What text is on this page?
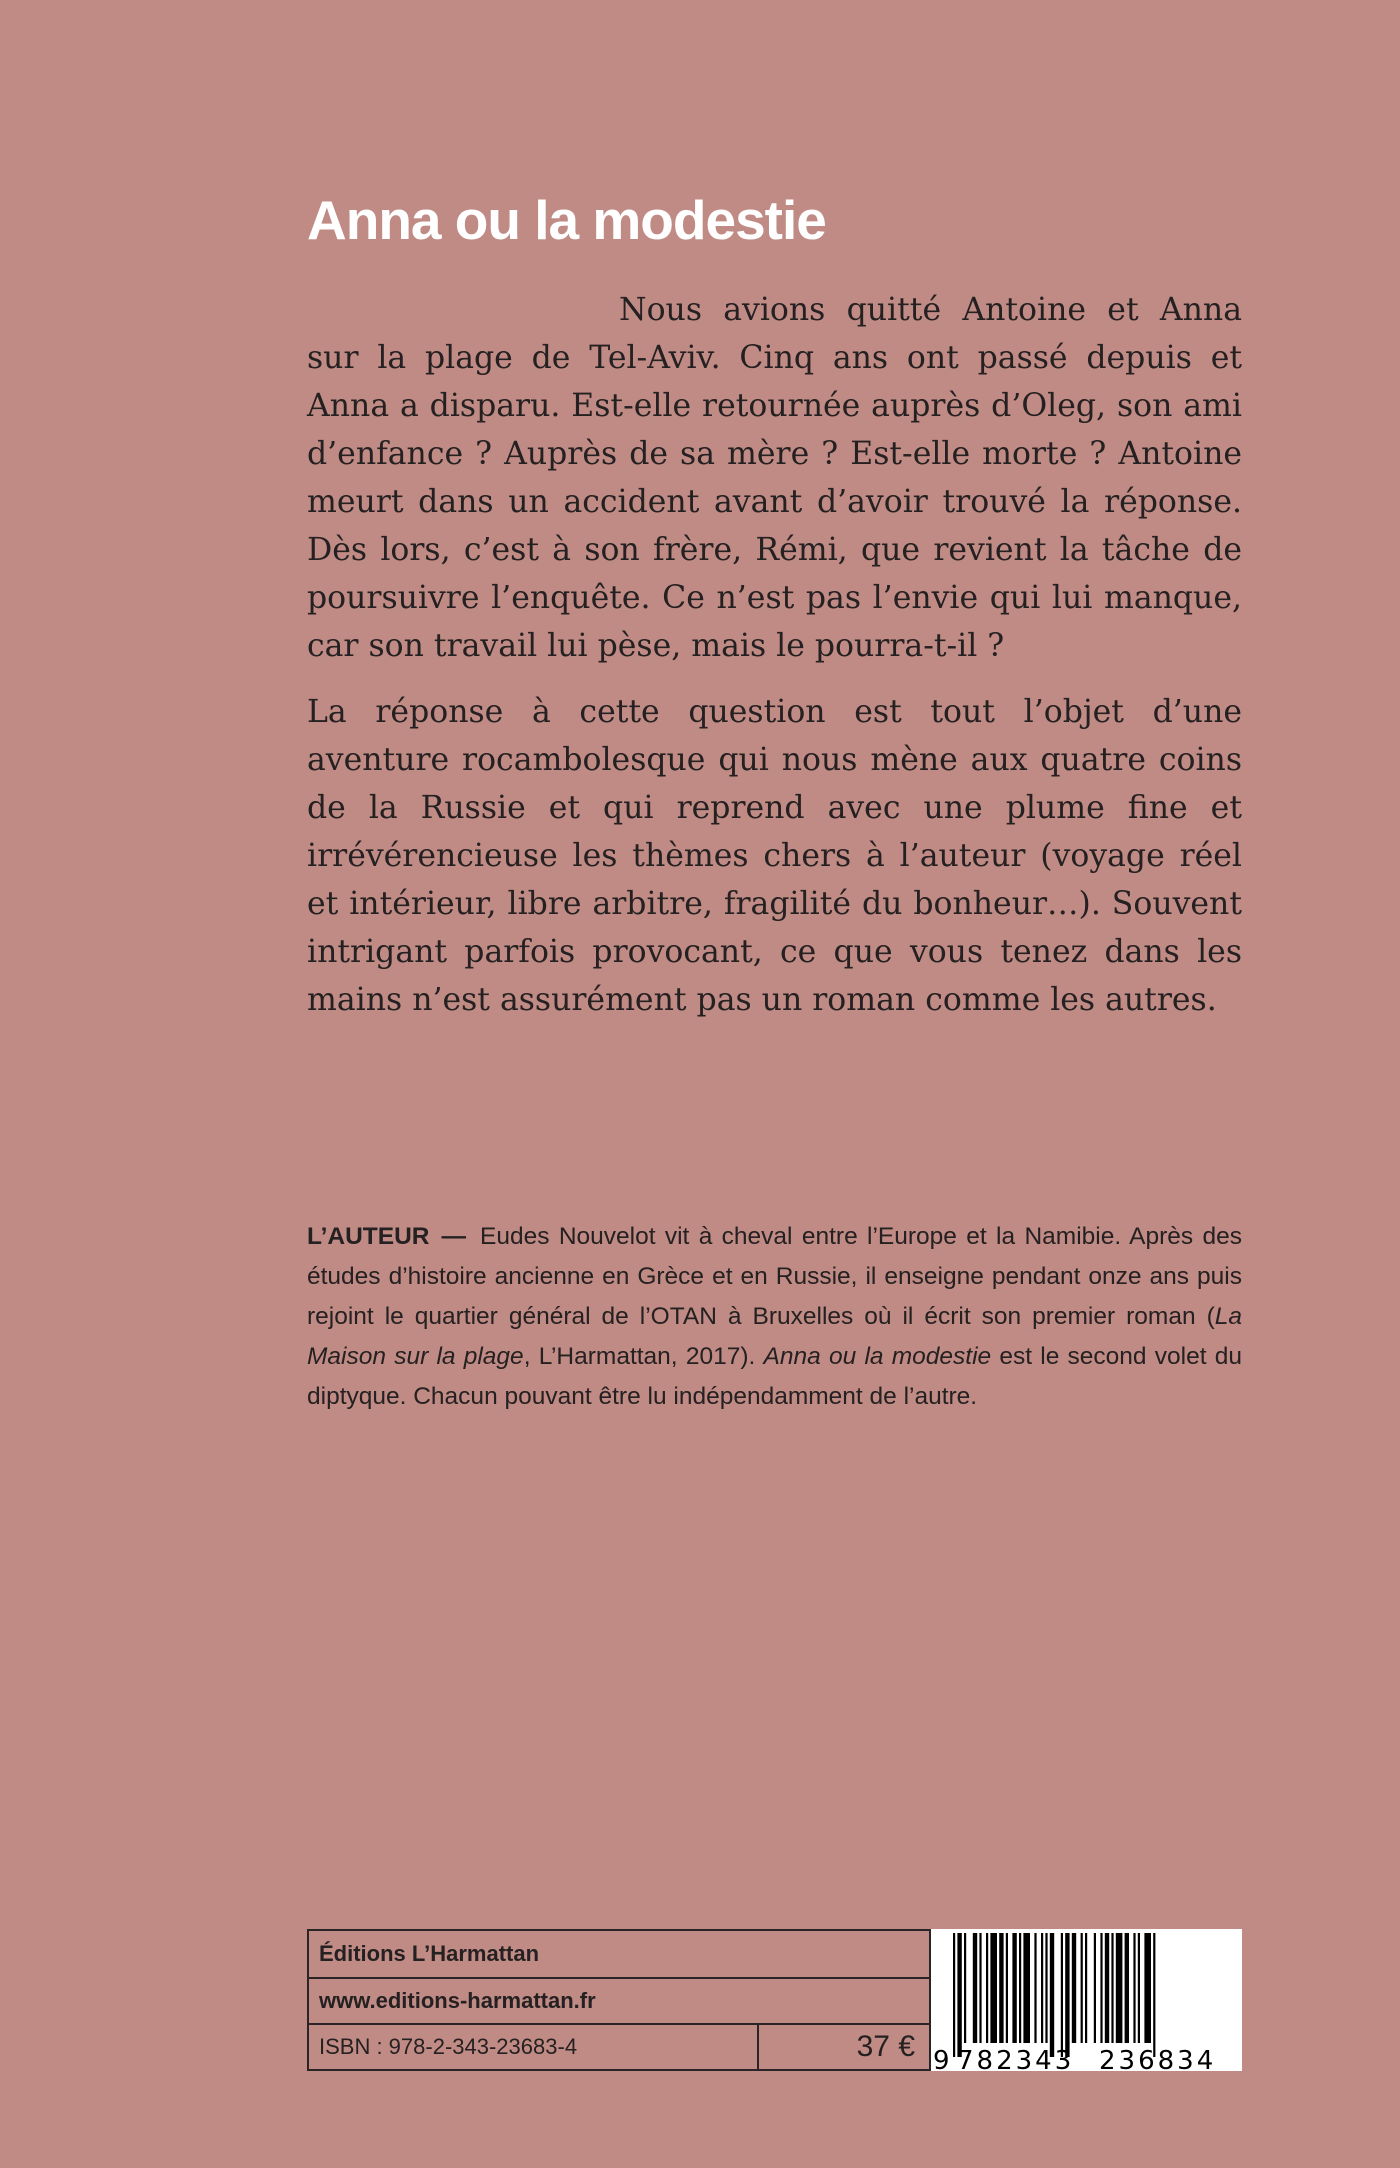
Anna ou la modestie

Nous avions quitté Antoine et Anna sur la plage de Tel-Aviv. Cinq ans ont passé depuis et Anna a disparu. Est-elle retournée auprès d’Oleg, son ami d’enfance ? Auprès de sa mère ? Est-elle morte ? Antoine meurt dans un accident avant d’avoir trouvé la réponse. Dès lors, c’est à son frère, Rémi, que revient la tâche de poursuivre l’enquête. Ce n’est pas l’envie qui lui manque, car son travail lui pèse, mais le pourra-t-il ?

La réponse à cette question est tout l’objet d’une aventure rocambolesque qui nous mène aux quatre coins de la Russie et qui reprend avec une plume fine et irrévérencieuse les thèmes chers à l’auteur (voyage réel et intérieur, libre arbitre, fragilité du bonheur…). Souvent intrigant parfois provocant, ce que vous tenez dans les mains n’est assurément pas un roman comme les autres.

L’AUTEUR — Eudes Nouvelot vit à cheval entre l’Europe et la Namibie. Après des études d’histoire ancienne en Grèce et en Russie, il enseigne pendant onze ans puis rejoint le quartier général de l’OTAN à Bruxelles où il écrit son premier roman (La Maison sur la plage, L’Harmattan, 2017). Anna ou la modestie est le second volet du diptyque. Chacun pouvant être lu indépendamment de l’autre.
Éditions L’Harmattan
www.editions-harmattan.fr
ISBN : 978-2-343-23683-4	37 € 9 782343 236834
